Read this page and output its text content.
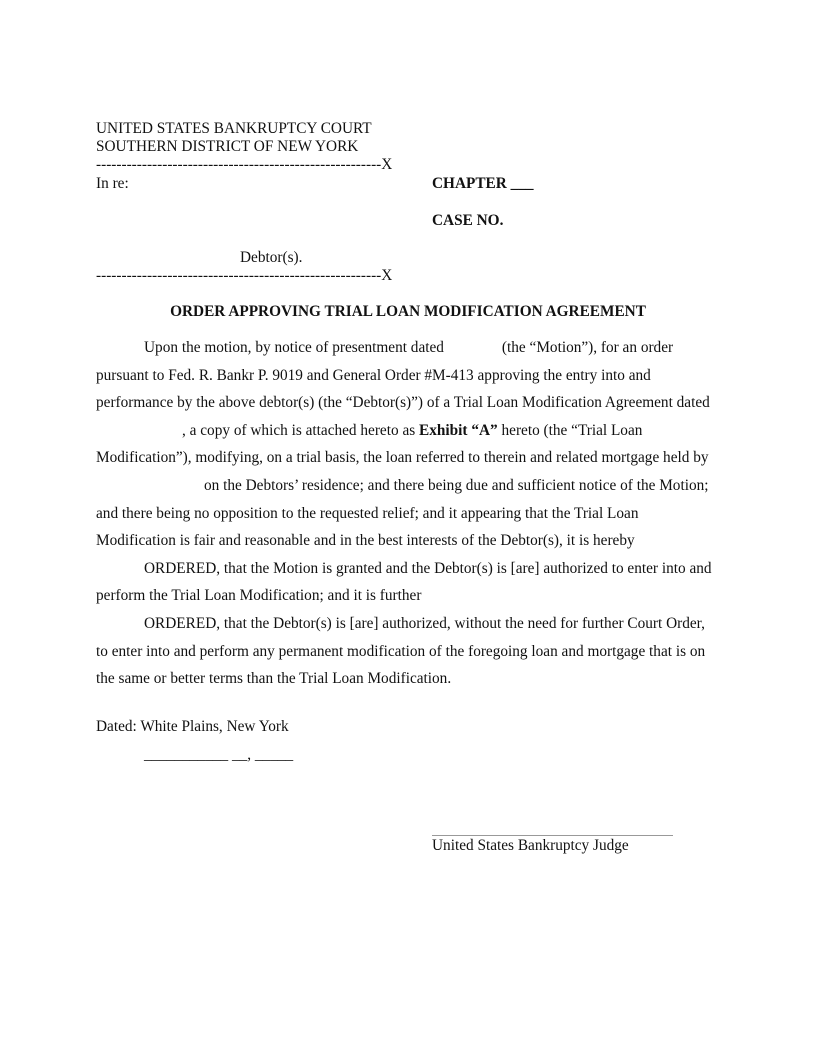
UNITED STATES BANKRUPTCY COURT
SOUTHERN DISTRICT OF NEW YORK
--------------------------------------------------------X
In re:	CHAPTER ___
CASE NO.
Debtor(s).
--------------------------------------------------------X
ORDER APPROVING TRIAL LOAN MODIFICATION AGREEMENT

Upon the motion, by notice of presentment dated	(the “Motion”), for an order pursuant to Fed. R. Bankr P. 9019 and General Order #M-413 approving the entry into and performance by the above debtor(s) (the “Debtor(s)”) of a Trial Loan Modification Agreement dated, a copy of which is attached hereto as Exhibit “A” hereto (the “Trial Loan Modification”), modifying, on a trial basis, the loan referred to therein and related mortgage held byon the Debtors’ residence; and there being due and sufficient notice of the Motion; and there being no opposition to the requested relief; and it appearing that the Trial Loan Modification is fair and reasonable and in the best interests of the Debtor(s), it is hereby

ORDERED, that the Motion is granted and the Debtor(s) is [are] authorized to enter into and perform the Trial Loan Modification; and it is further

ORDERED, that the Debtor(s) is [are] authorized, without the need for further Court Order, to enter into and perform any permanent modification of the foregoing loan and mortgage that is on the same or better terms than the Trial Loan Modification.

Dated: White Plains, New York
___________ __, _____
United States Bankruptcy Judge
